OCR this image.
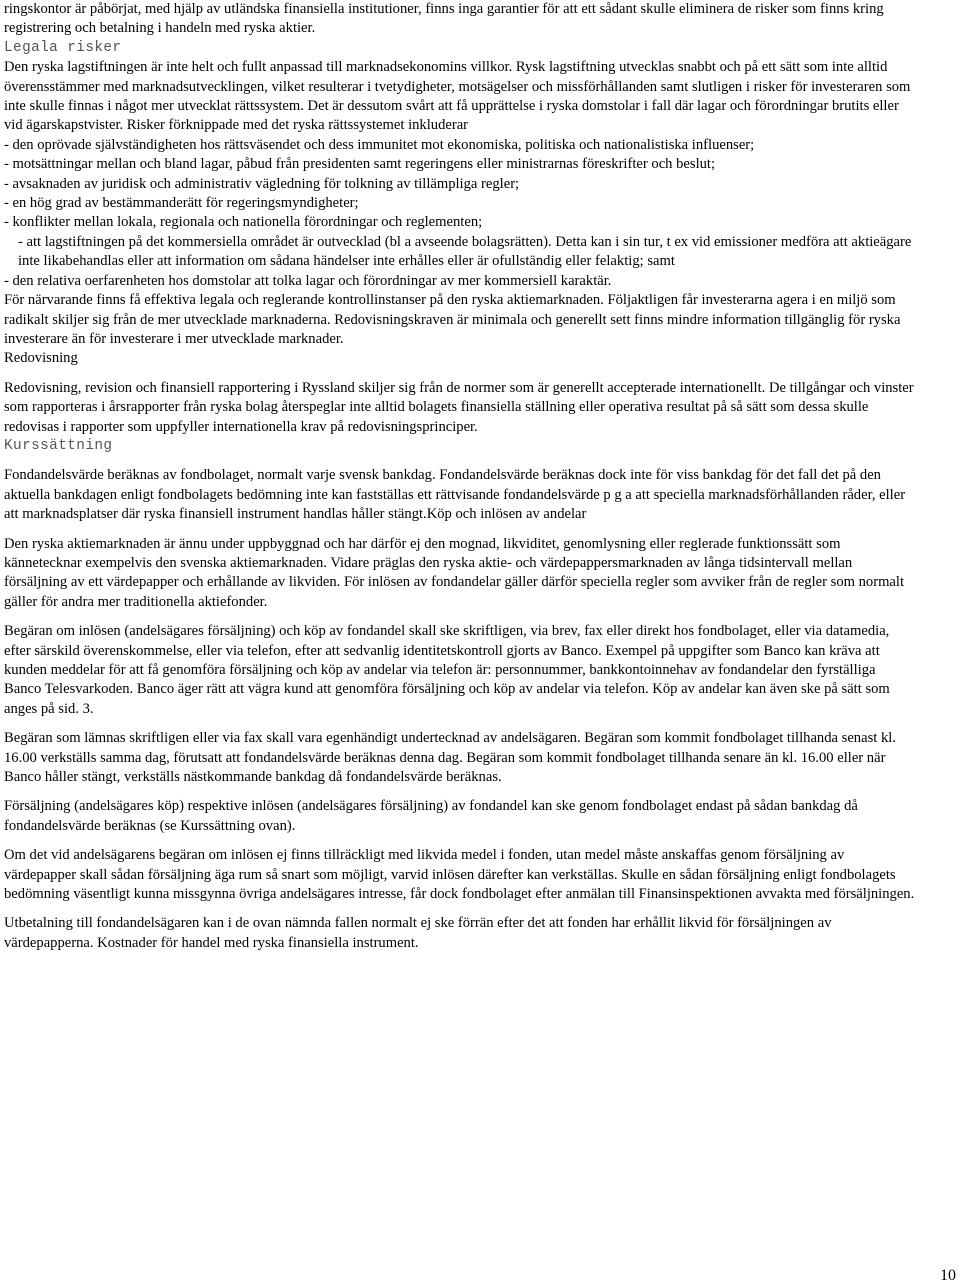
ringskontor är påbörjat, med hjälp av utländska finansiella institutioner, finns inga garantier för att ett sådant skulle eliminera de risker som finns kring registrering och betalning i handeln med ryska aktier.

Legala risker

Den ryska lagstiftningen är inte helt och fullt anpassad till marknadsekonomins villkor. Rysk lagstiftning utvecklas snabbt och på ett sätt som inte alltid överensstämmer med marknadsutvecklingen, vilket resulterar i tvetydigheter, motsägelser och missförhållanden samt slutligen i risker för investeraren som inte skulle finnas i något mer utvecklat rättssystem. Det är dessutom svårt att få upprättelse i ryska domstolar i fall där lagar och förordningar brutits eller vid ägarskapstvister. Risker förknippade med det ryska rättssystemet inkluderar

- den oprövade självständigheten hos rättsväsendet och dess immunitet mot ekonomiska, politiska och nationalistiska influenser;

- motsättningar mellan och bland lagar, påbud från presidenten samt regeringens eller ministrarnas föreskrifter och beslut;

- avsaknaden av juridisk och administrativ vägledning för tolkning av tillämpliga regler;

- en hög grad av bestämmanderätt för regeringsmyndigheter;

- konflikter mellan lokala, regionala och nationella förordningar och reglementen;

- att lagstiftningen på det kommersiella området är outvecklad (bl a avseende bolagsrätten). Detta kan i sin tur, t ex vid emissioner medföra att aktieägare inte likabehandlas eller att information om sådana händelser inte erhålles eller är ofullständig eller felaktig; samt

- den relativa oerfarenheten hos domstolar att tolka lagar och förordningar av mer kommersiell karaktär.

För närvarande finns få effektiva legala och reglerande kontrollinstanser på den ryska aktiemarknaden. Följaktligen får investerarna agera i en miljö som radikalt skiljer sig från de mer utvecklade marknaderna. Redovisningskraven är minimala och generellt sett finns mindre information tillgänglig för ryska investerare än för investerare i mer utvecklade marknader.

Redovisning

Redovisning, revision och finansiell rapportering i Ryssland skiljer sig från de normer som är generellt accepterade internationellt. De tillgångar och vinster som rapporteras i årsrapporter från ryska bolag återspeglar inte alltid bolagets finansiella ställning eller operativa resultat på så sätt som dessa skulle redovisas i rapporter som uppfyller internationella krav på redovisningsprinciper.

Kurssättning

Fondandelsvärde beräknas av fondbolaget, normalt varje svensk bankdag. Fondandelsvärde beräknas dock inte för viss bankdag för det fall det på den aktuella bankdagen enligt fondbolagets bedömning inte kan fastställas ett rättvisande fondandelsvärde p g a att speciella marknadsförhållanden råder, eller att marknadsplatser där ryska finansiell instrument handlas håller stängt.Köp och inlösen av andelar

Den ryska aktiemarknaden är ännu under uppbyggnad och har därför ej den mognad, likviditet, genomlysning eller reglerade funktionssätt som kännetecknar exempelvis den svenska aktiemarknaden. Vidare präglas den ryska aktie- och värdepappersmarknaden av långa tidsintervall mellan försäljning av ett värdepapper och erhållande av likviden. För inlösen av fondandelar gäller därför speciella regler som avviker från de regler som normalt gäller för andra mer traditionella aktiefonder.

Begäran om inlösen (andelsägares försäljning) och köp av fondandel skall ske skriftligen, via brev, fax eller direkt hos fondbolaget, eller via datamedia, efter särskild överenskommelse, eller via telefon, efter att sedvanlig identitetskontroll gjorts av Banco. Exempel på uppgifter som Banco kan kräva att kunden meddelar för att få genomföra försäljning och köp av andelar via telefon är: personnummer, bankkontoinnehav av fondandelar den fyrställiga Banco Telesvarkoden. Banco äger rätt att vägra kund att genomföra försäljning och köp av andelar via telefon. Köp av andelar kan även ske på sätt som anges på sid. 3.

Begäran som lämnas skriftligen eller via fax skall vara egenhändigt undertecknad av andelsägaren. Begäran som kommit fondbolaget tillhanda senast kl. 16.00 verkställs samma dag, förutsatt att fondandelsvärde beräknas denna dag. Begäran som kommit fondbolaget tillhanda senare än kl. 16.00 eller när Banco håller stängt, verkställs nästkommande bankdag då fondandelsvärde beräknas.

Försäljning (andelsägares köp) respektive inlösen (andelsägares försäljning) av fondandel kan ske genom fondbolaget endast på sådan bankdag då fondandelsvärde beräknas (se Kurssättning ovan).

Om det vid andelsägarens begäran om inlösen ej finns tillräckligt med likvida medel i fonden, utan medel måste anskaffas genom försäljning av värdepapper skall sådan försäljning äga rum så snart som möjligt, varvid inlösen därefter kan verkställas. Skulle en sådan försäljning enligt fondbolagets bedömning väsentligt kunna missgynna övriga andelsägares intresse, får dock fondbolaget efter anmälan till Finansinspektionen avvakta med försäljningen.

Utbetalning till fondandelsägaren kan i de ovan nämnda fallen normalt ej ske förrän efter det att fonden har erhållit likvid för försäljningen av värdepapperna. Kostnader för handel med ryska finansiella instrument.

10
